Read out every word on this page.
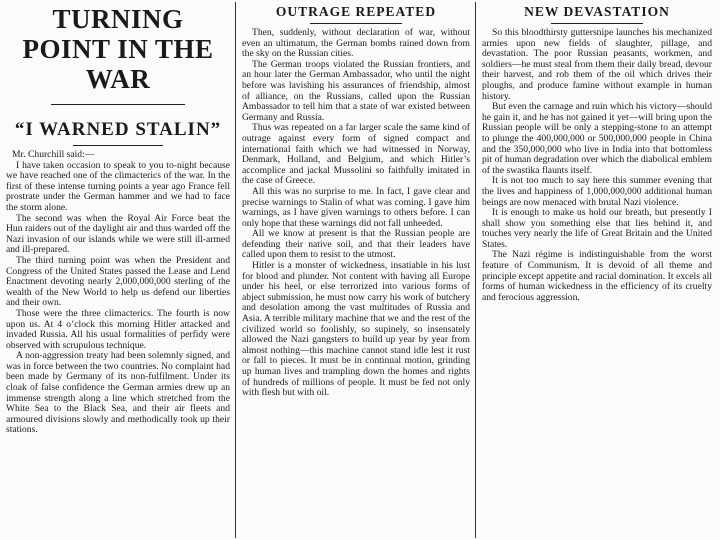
TURNING POINT IN THE WAR
“I WARNED STALIN”

Mr. Churchill said:—

I have taken occasion to speak to you to-night because we have reached one of the climacterics of the war. In the first of these intense turning points a year ago France fell prostrate under the German hammer and we had to face the storm alone.

The second was when the Royal Air Force beat the Hun raiders out of the daylight air and thus warded off the Nazi invasion of our islands while we were still ill-armed and ill-prepared.

The third turning point was when the President and Congress of the United States passed the Lease and Lend Enactment devoting nearly 2,000,000,000 sterling of the wealth of the New World to help us defend our liberties and their own.

Those were the three climacterics. The fourth is now upon us. At 4 o’clock this morning Hitler attacked and invaded Russia. All his usual formalities of perfidy were observed with scrupulous technique.

A non-aggression treaty had been solemnly signed, and was in force between the two countries. No complaint had been made by Germany of its non-fulfilment. Under its cloak of false confidence the German armies drew up an immense strength along a line which stretched from the White Sea to the Black Sea, and their air fleets and armoured divisions slowly and methodically took up their stations.

OUTRAGE REPEATED

Then, suddenly, without declaration of war, without even an ultimatum, the German bombs rained down from the sky on the Russian cities.

The German troops violated the Russian frontiers, and an hour later the German Ambassador, who until the night before was lavishing his assurances of friendship, almost of alliance, on the Russians, called upon the Russian Ambassador to tell him that a state of war existed between Germany and Russia.

Thus was repeated on a far larger scale the same kind of outrage against every form of signed compact and international faith which we had witnessed in Norway, Denmark, Holland, and Belgium, and which Hitler’s accomplice and jackal Mussolini so faithfully imitated in the case of Greece.

All this was no surprise to me. In fact, I gave clear and precise warnings to Stalin of what was coming. I gave him warnings, as I have given warnings to others before. I can only hope that these warnings did not fall unheeded.

All we know at present is that the Russian people are defending their native soil, and that their leaders have called upon them to resist to the utmost.

Hitler is a monster of wickedness, insatiable in his lust for blood and plunder. Not content with having all Europe under his heel, or else terrorized into various forms of abject submission, he must now carry his work of butchery and desolation among the vast multitudes of Russia and Asia. A terrible military machine that we and the rest of the civilized world so foolishly, so supinely, so insensately allowed the Nazi gangsters to build up year by year from almost nothing—this machine cannot stand idle lest it rust or fall to pieces. It must be in continual motion, grinding up human lives and trampling down the homes and rights of hundreds of millions of people. It must be fed not only with flesh but with oil.

NEW DEVASTATION

So this bloodthirsty guttersnipe launches his mechanized armies upon new fields of slaughter, pillage, and devastation. The poor Russian peasants, workmen, and soldiers—he must steal from them their daily bread, devour their harvest, and rob them of the oil which drives their ploughs, and produce famine without example in human history.

But even the carnage and ruin which his victory—should he gain it, and he has not gained it yet—will bring upon the Russian people will be only a stepping-stone to an attempt to plunge the 400,000,000 or 500,000,000 people in China and the 350,000,000 who live in India into that bottomless pit of human degradation over which the diabolical emblem of the swastika flaunts itself.

It is not too much to say here this summer evening that the lives and happiness of 1,000,000,000 additional human beings are now menaced with brutal Nazi violence.

It is enough to make us hold our breath, but presently I shall show you something else that lies behind it, and touches very nearly the life of Great Britain and the United States.

The Nazi régime is indistinguishable from the worst feature of Communism. It is devoid of all theme and principle except appetite and racial domination. It excels all forms of human wickedness in the efficiency of its cruelty and ferocious aggression.
